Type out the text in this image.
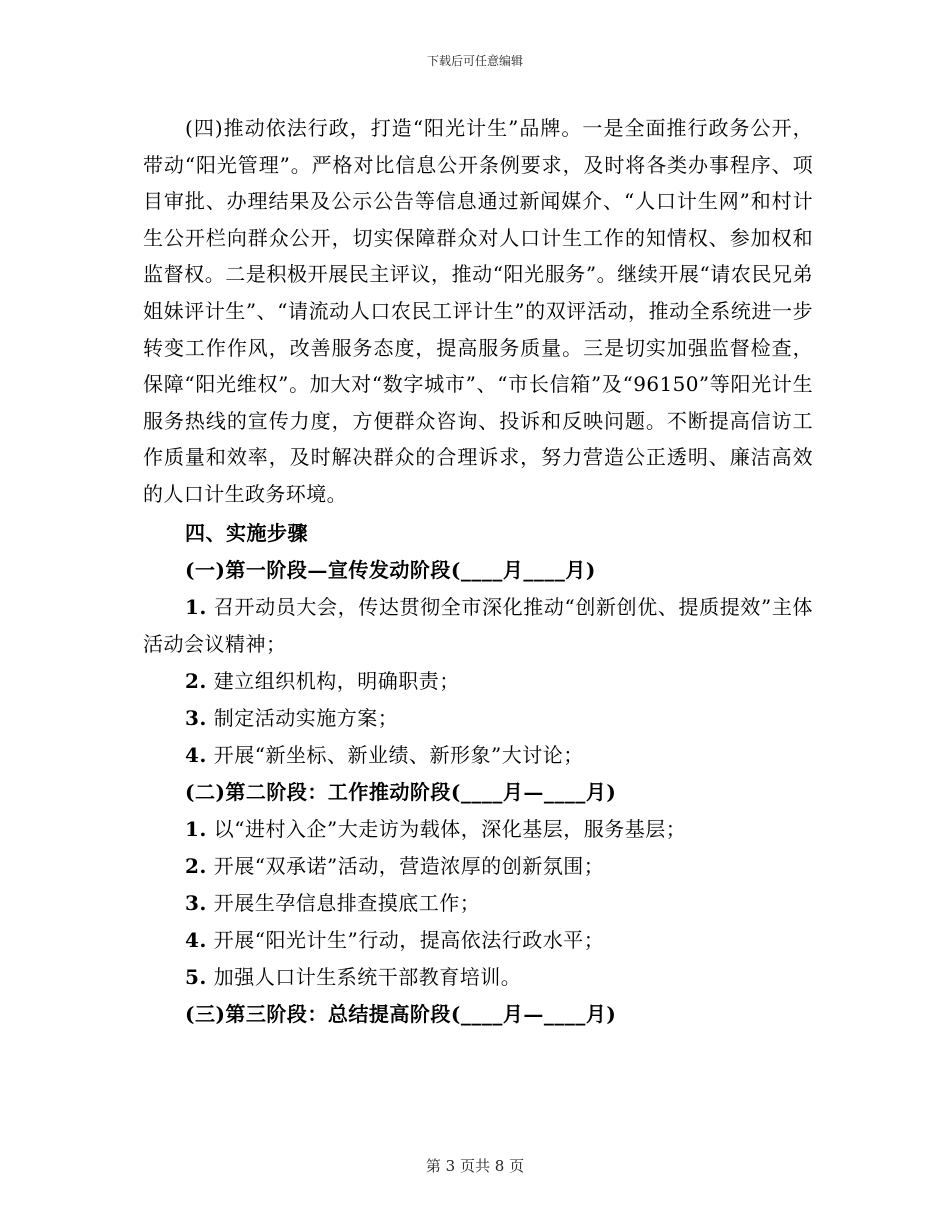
下载后可任意编辑

(四)推动依法行政，打造“阳光计生”品牌。一是全面推行政务公开，带动“阳光管理”。严格对比信息公开条例要求，及时将各类办事程序、项目审批、办理结果及公示公告等信息通过新闻媒介、“人口计生网”和村计生公开栏向群众公开，切实保障群众对人口计生工作的知情权、参加权和监督权。二是积极开展民主评议，推动“阳光服务”。继续开展“请农民兄弟姐妹评计生”、“请流动人口农民工评计生”的双评活动，推动全系统进一步转变工作作风，改善服务态度，提高服务质量。三是切实加强监督检查，保障“阳光维权”。加大对“数字城市”、“市长信箱”及“96150”等阳光计生服务热线的宣传力度，方便群众咨询、投诉和反映问题。不断提高信访工作质量和效率，及时解决群众的合理诉求，努力营造公正透明、廉洁高效的人口计生政务环境。

四、实施步骤

(一)第一阶段—宣传发动阶段(____月____月)

1. 召开动员大会，传达贯彻全市深化推动“创新创优、提质提效”主体活动会议精神；

2. 建立组织机构，明确职责；

3. 制定活动实施方案；

4. 开展“新坐标、新业绩、新形象”大讨论；

(二)第二阶段：工作推动阶段(____月—____月)

1. 以“进村入企”大走访为载体，深化基层，服务基层；

2. 开展“双承诺”活动，营造浓厚的创新氛围；

3. 开展生孕信息排查摸底工作；

4. 开展“阳光计生”行动，提高依法行政水平；

5. 加强人口计生系统干部教育培训。

(三)第三阶段：总结提高阶段(____月—____月)

第 3 页共 8 页
